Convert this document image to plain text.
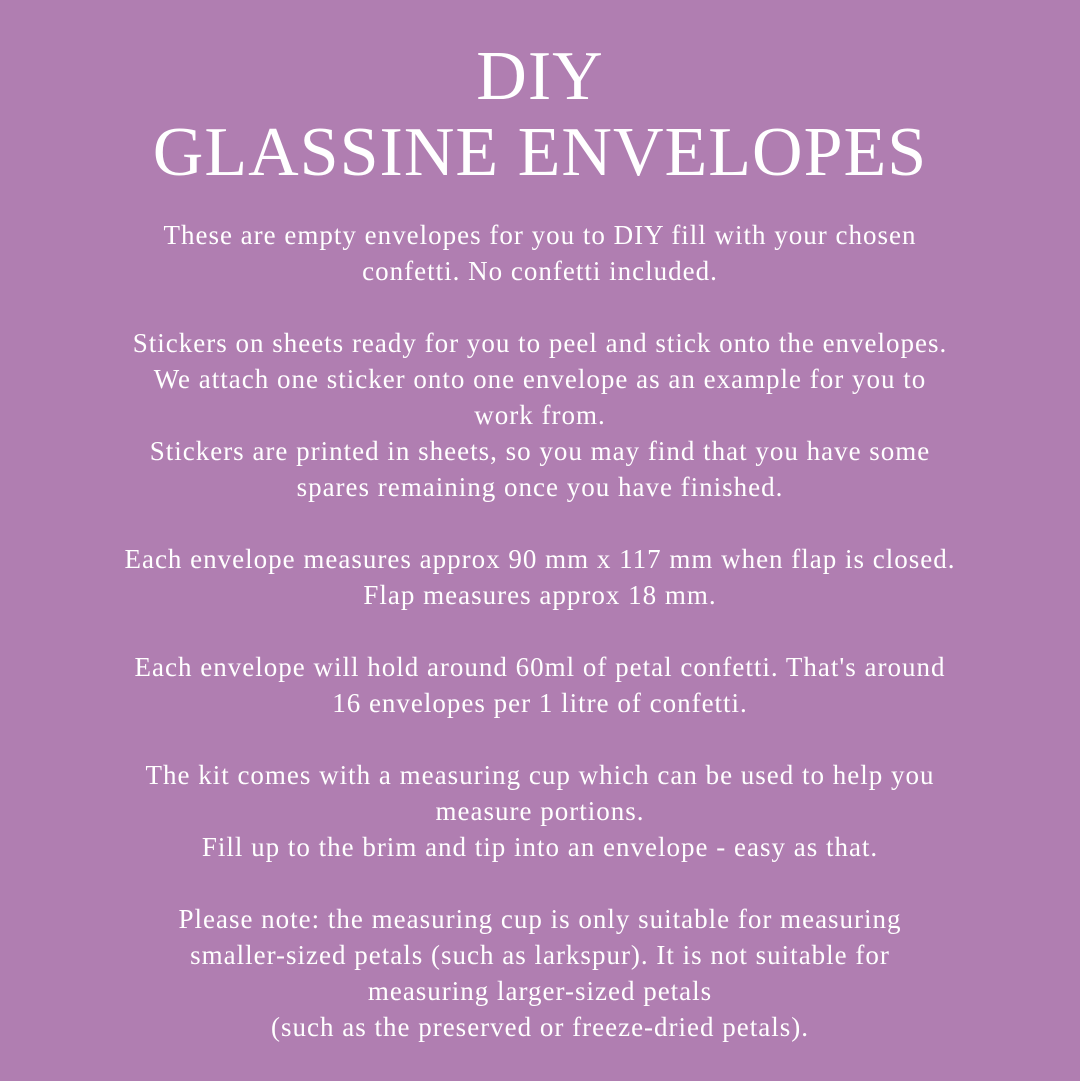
DIY
GLASSINE ENVELOPES

These are empty envelopes for you to DIY fill with your chosen
confetti. No confetti included.

Stickers on sheets ready for you to peel and stick onto the envelopes.
We attach one sticker onto one envelope as an example for you to
work from.
Stickers are printed in sheets, so you may find that you have some
spares remaining once you have finished.

Each envelope measures approx 90 mm x 117 mm when flap is closed.
Flap measures approx 18 mm.

Each envelope will hold around 60ml of petal confetti. That's around
16 envelopes per 1 litre of confetti.

The kit comes with a measuring cup which can be used to help you
measure portions.
Fill up to the brim and tip into an envelope - easy as that.

Please note: the measuring cup is only suitable for measuring
smaller-sized petals (such as larkspur). It is not suitable for
measuring larger-sized petals
(such as the preserved or freeze-dried petals).
